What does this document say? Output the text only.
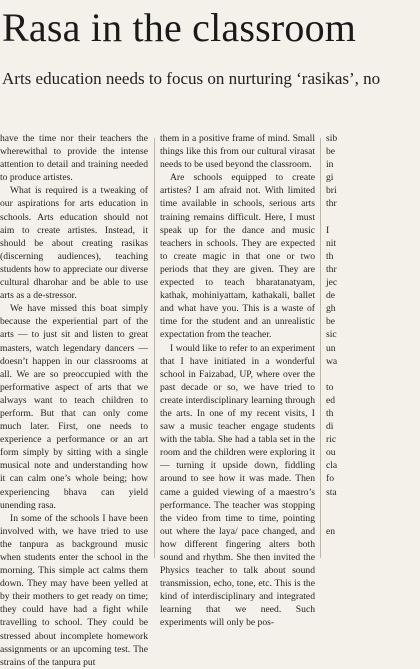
Rasa in the classroom
Arts education needs to focus on nurturing ‘rasikas’, no

have the time nor their teachers the wherewithal to provide the intense attention to detail and training needed to produce artistes.

What is required is a tweaking of our aspirations for arts education in schools. Arts education should not aim to create artistes. Instead, it should be about creating rasikas (discerning audiences), teaching students how to appreciate our diverse cultural dharohar and be able to use arts as a de-stressor.

We have missed this boat simply because the experiential part of the arts — to just sit and listen to great masters, watch legendary dancers — doesn’t happen in our classrooms at all. We are so preoccupied with the performative aspect of arts that we always want to teach children to perform. But that can only come much later. First, one needs to experience a performance or an art form simply by sitting with a single musical note and understanding how it can calm one’s whole being; how experiencing bhava can yield unending rasa.

In some of the schools I have been involved with, we have tried to use the tanpura as background music when students enter the school in the morning. This simple act calms them down. They may have been yelled at by their mothers to get ready on time; they could have had a fight while travelling to school. They could be stressed about incomplete homework assignments or an upcoming test. The strains of the tanpura put

them in a positive frame of mind. Small things like this from our cultural virasat needs to be used beyond the classroom.

Are schools equipped to create artistes? I am afraid not. With limited time available in schools, serious arts training remains difficult. Here, I must speak up for the dance and music teachers in schools. They are expected to create magic in that one or two periods that they are given. They are expected to teach bharatanatyam, kathak, mohiniyattam, kathakali, ballet and what have you. This is a waste of time for the student and an unrealistic expectation from the teacher.

I would like to refer to an experiment that I have initiated in a wonderful school in Faizabad, UP, where over the past decade or so, we have tried to create interdisciplinary learning through the arts. In one of my recent visits, I saw a music teacher engage students with the tabla. She had a tabla set in the room and the children were exploring it — turning it upside down, fiddling around to see how it was made. Then came a guided viewing of a maestro’s performance. The teacher was stopping the video from time to time, pointing out where the laya/ pace changed, and how different fingering alters both sound and rhythm. She then invited the Physics teacher to talk about sound transmission, echo, tone, etc. This is the kind of interdisciplinary and integrated learning that we need. Such experiments will only be pos-

sib

be

in

gi

bri

thr

I

nit

th

thr

jec

de

gh

be

sic

un

wa

to

ed

th

di

ric

ou

cla

fo

sta

en
